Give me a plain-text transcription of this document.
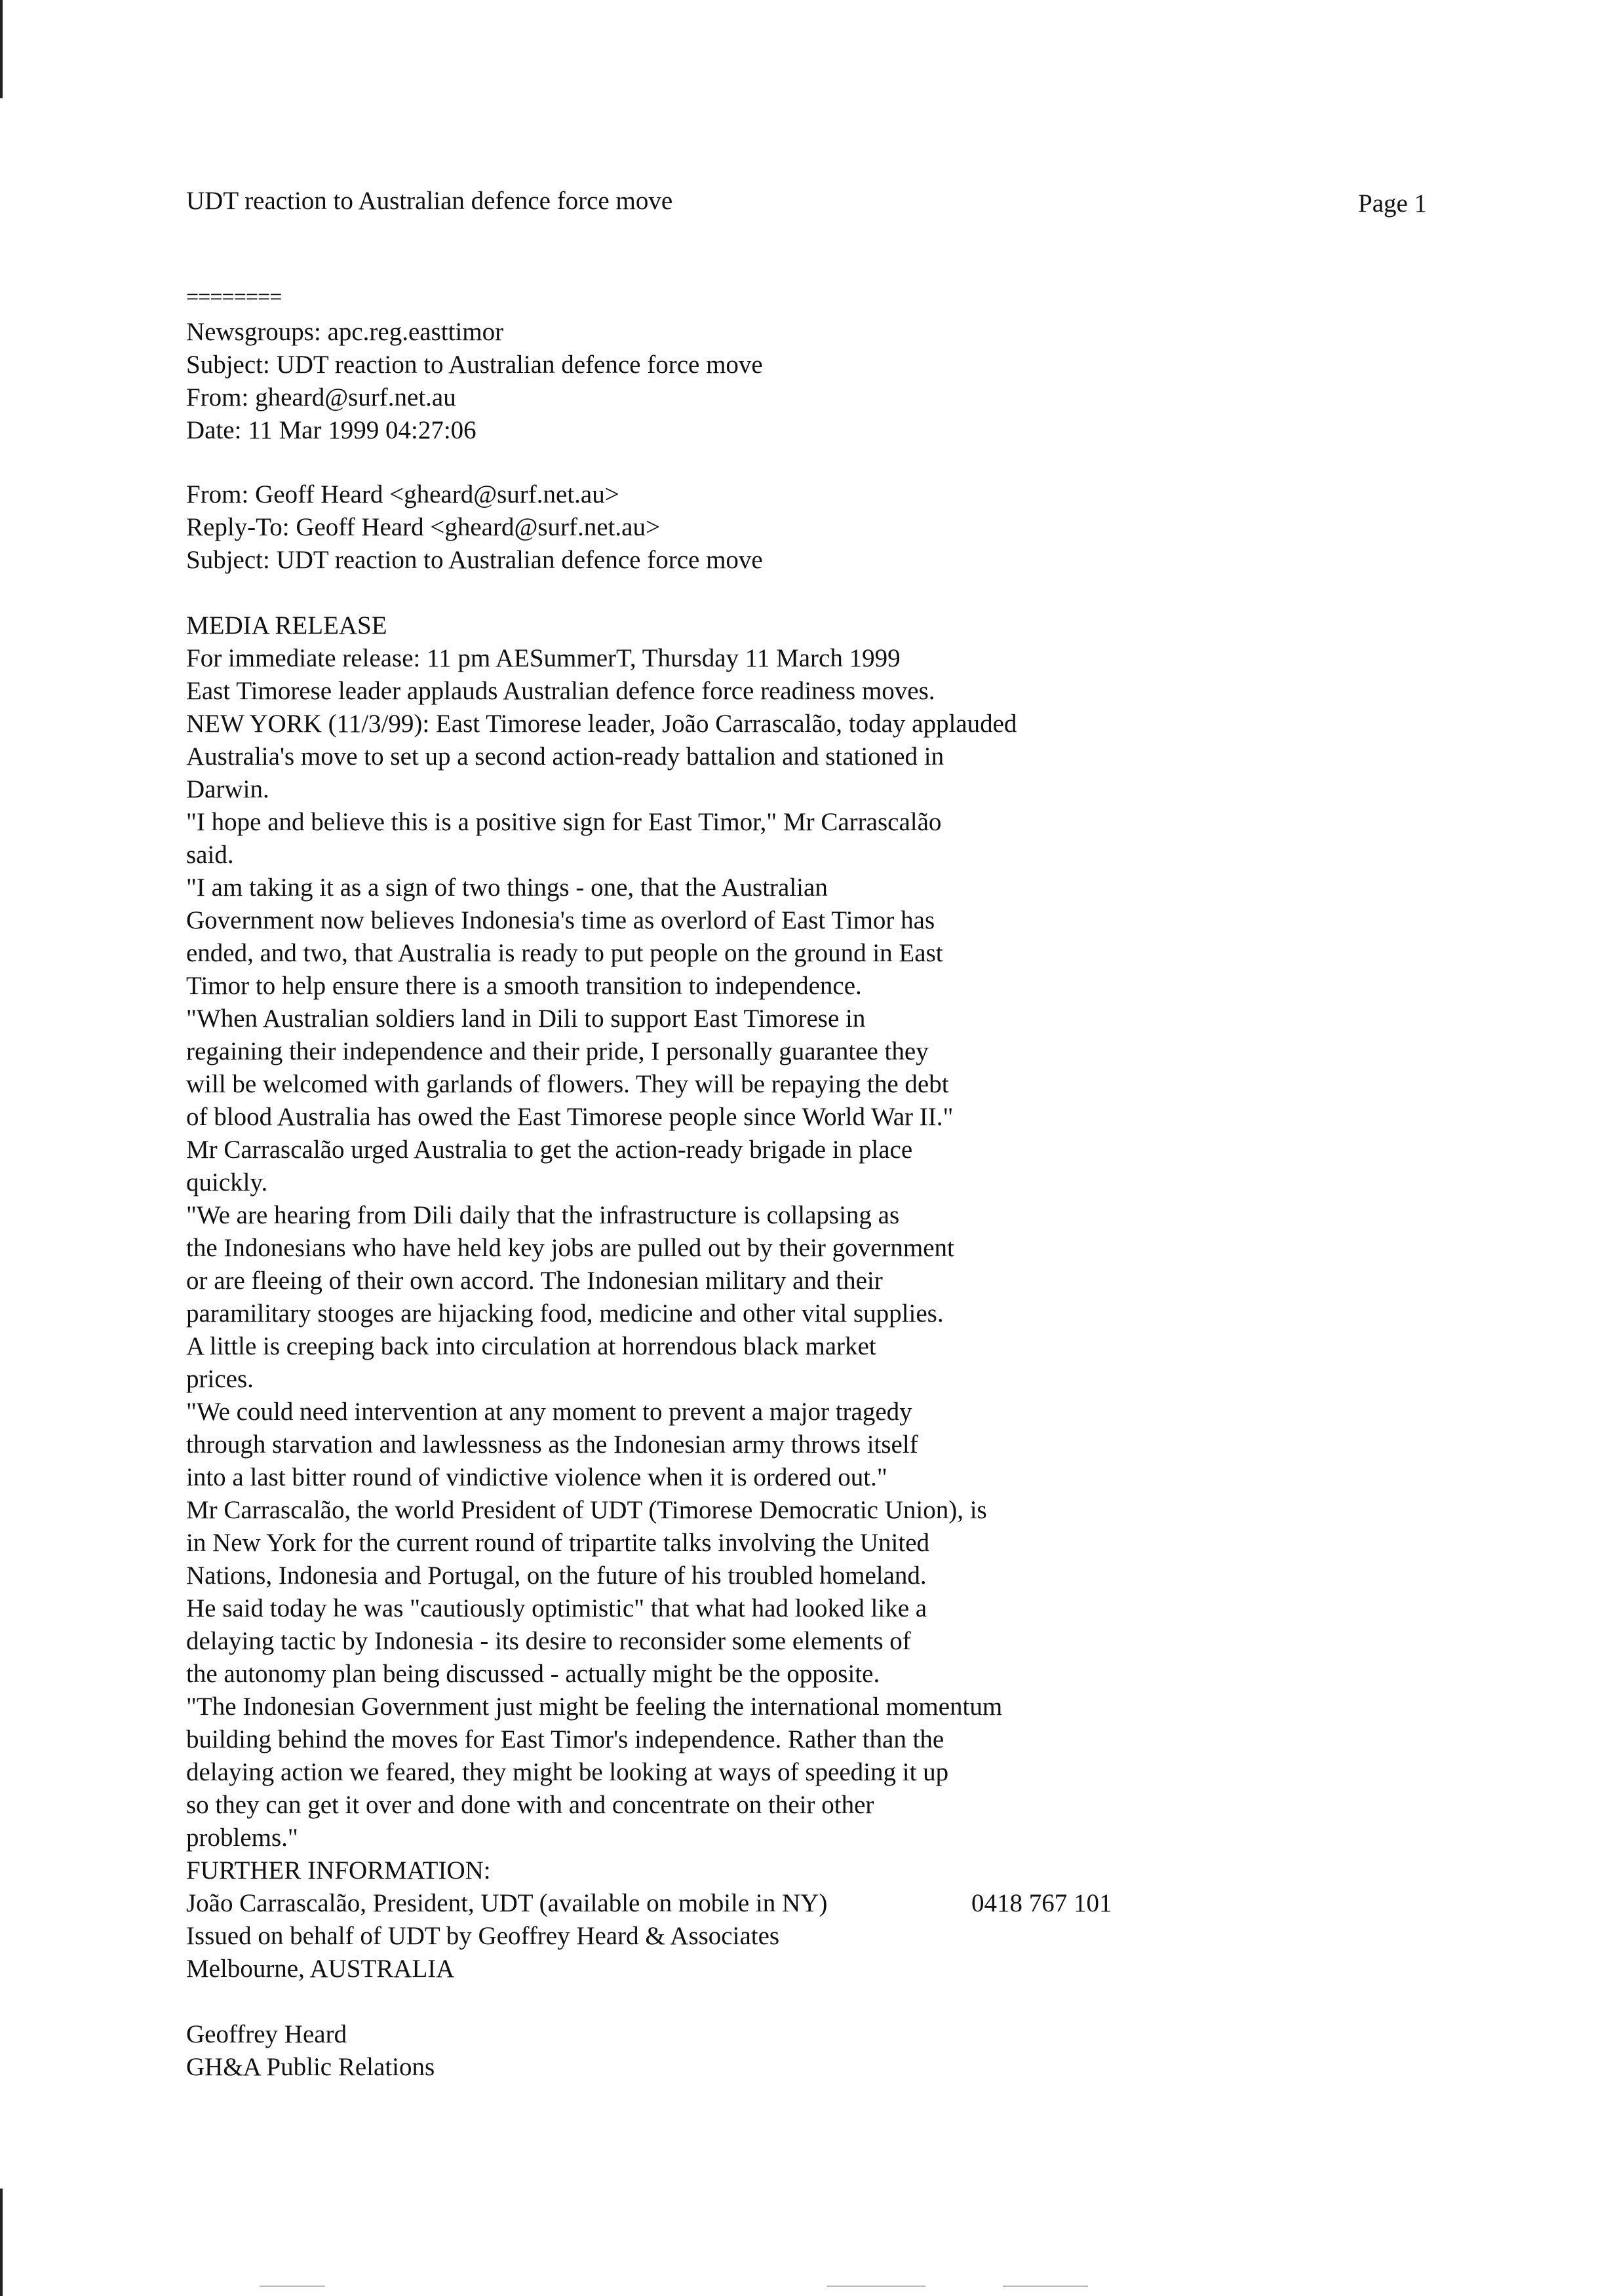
UDT reaction to Australian defence force move	Page 1
========
Newsgroups: apc.reg.easttimor
Subject: UDT reaction to Australian defence force move
From: gheard@surf.net.au
Date: 11 Mar 1999 04:27:06
From: Geoff Heard <gheard@surf.net.au>
Reply-To: Geoff Heard <gheard@surf.net.au>
Subject: UDT reaction to Australian defence force move
MEDIA RELEASE
For immediate release: 11 pm AESummerT, Thursday 11 March 1999
East Timorese leader applauds Australian defence force readiness moves.
NEW YORK (11/3/99): East Timorese leader, João Carrascalão, today applauded
Australia's move to set up a second action-ready battalion and stationed in
Darwin.
"I hope and believe this is a positive sign for East Timor," Mr Carrascalão
said.
"I am taking it as a sign of two things - one, that the Australian
Government now believes Indonesia's time as overlord of East Timor has
ended, and two, that Australia is ready to put people on the ground in East
Timor to help ensure there is a smooth transition to independence.
"When Australian soldiers land in Dili to support East Timorese in
regaining their independence and their pride, I personally guarantee they
will be welcomed with garlands of flowers. They will be repaying the debt
of blood Australia has owed the East Timorese people since World War II."
Mr Carrascalão urged Australia to get the action-ready brigade in place
quickly.
"We are hearing from Dili daily that the infrastructure is collapsing as
the Indonesians who have held key jobs are pulled out by their government
or are fleeing of their own accord. The Indonesian military and their
paramilitary stooges are hijacking food, medicine and other vital supplies.
A little is creeping back into circulation at horrendous black market
prices.
"We could need intervention at any moment to prevent a major tragedy
through starvation and lawlessness as the Indonesian army throws itself
into a last bitter round of vindictive violence when it is ordered out."
Mr Carrascalão, the world President of UDT (Timorese Democratic Union), is
in New York for the current round of tripartite talks involving the United
Nations, Indonesia and Portugal, on the future of his troubled homeland.
He said today he was "cautiously optimistic" that what had looked like a
delaying tactic by Indonesia - its desire to reconsider some elements of
the autonomy plan being discussed - actually might be the opposite.
"The Indonesian Government just might be feeling the international momentum
building behind the moves for East Timor's independence. Rather than the
delaying action we feared, they might be looking at ways of speeding it up
so they can get it over and done with and concentrate on their other
problems."
FURTHER INFORMATION:
João Carrascalão, President, UDT (available on mobile in NY)	0418 767 101
Issued on behalf of UDT by Geoffrey Heard & Associates
Melbourne, AUSTRALIA
Geoffrey Heard
GH&A Public Relations
